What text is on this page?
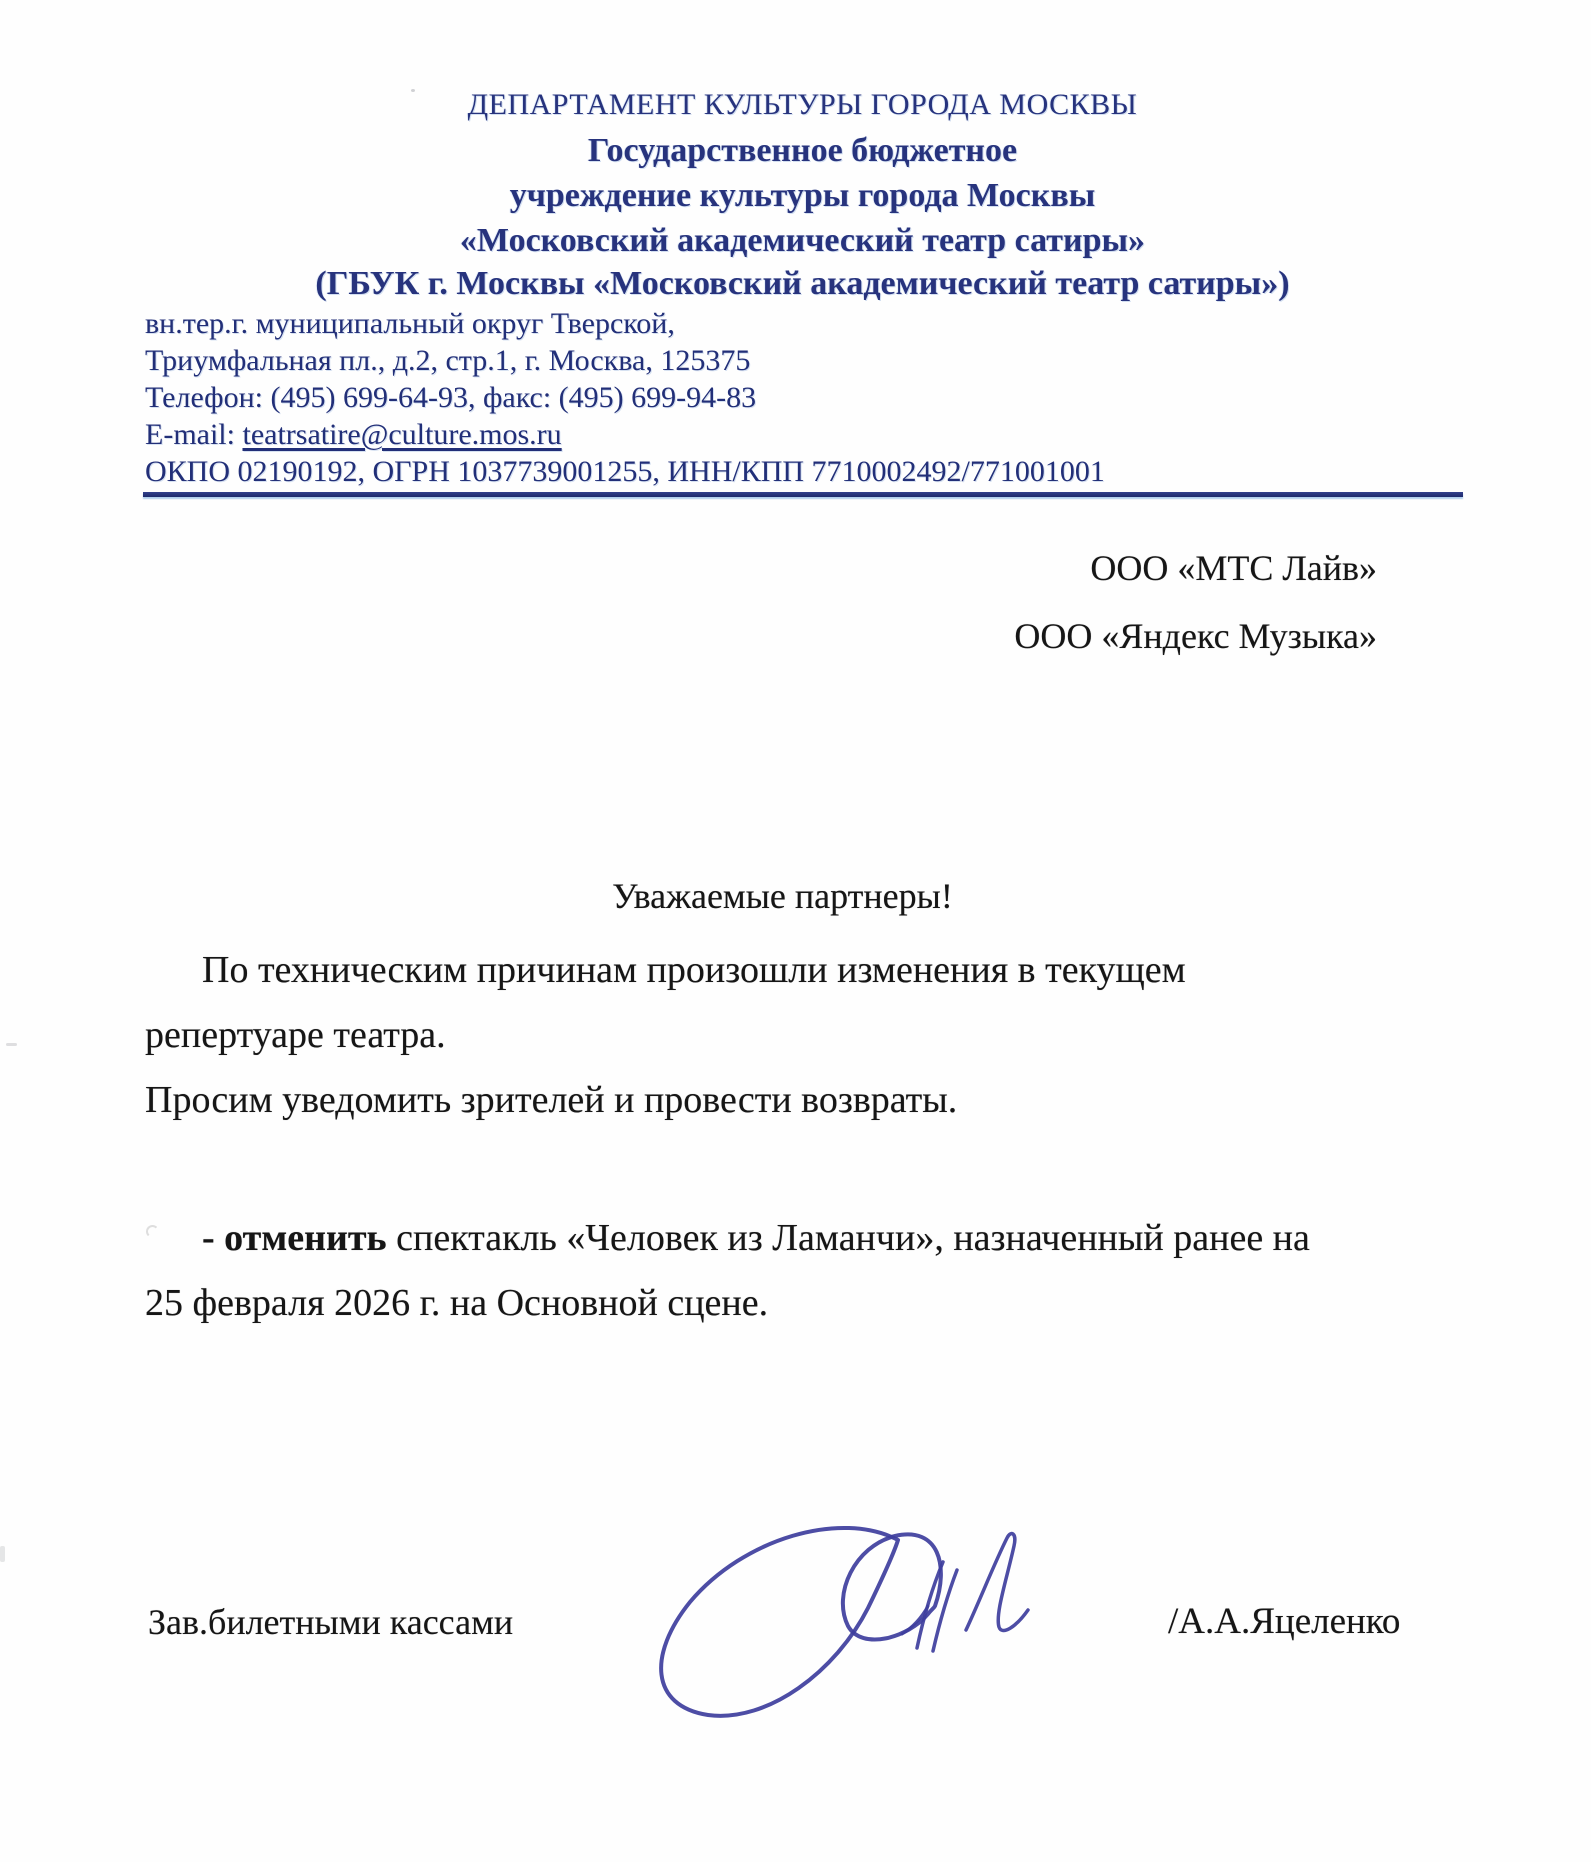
ДЕПАРТАМЕНТ КУЛЬТУРЫ ГОРОДА МОСКВЫ
Государственное бюджетное
учреждение культуры города Москвы
«Московский академический театр сатиры»
(ГБУК г. Москвы «Московский академический театр сатиры»)
вн.тер.г. муниципальный округ Тверской,
Триумфальная пл., д.2, стр.1, г. Москва, 125375
Телефон: (495) 699-64-93, факс: (495) 699-94-83
E-mail: teatrsatire@culture.mos.ru
ОКПО 02190192, ОГРН 1037739001255, ИНН/КПП 7710002492/771001001
ООО «МТС Лайв»
ООО «Яндекс Музыка»
Уважаемые партнеры!
По техническим причинам произошли изменения в текущем
репертуаре театра.
Просим уведомить зрителей и провести возвраты.
- отменить спектакль «Человек из Ламанчи», назначенный ранее на
25 февраля 2026 г. на Основной сцене.
Зав.билетными кассами	/А.А.Яцеленко
